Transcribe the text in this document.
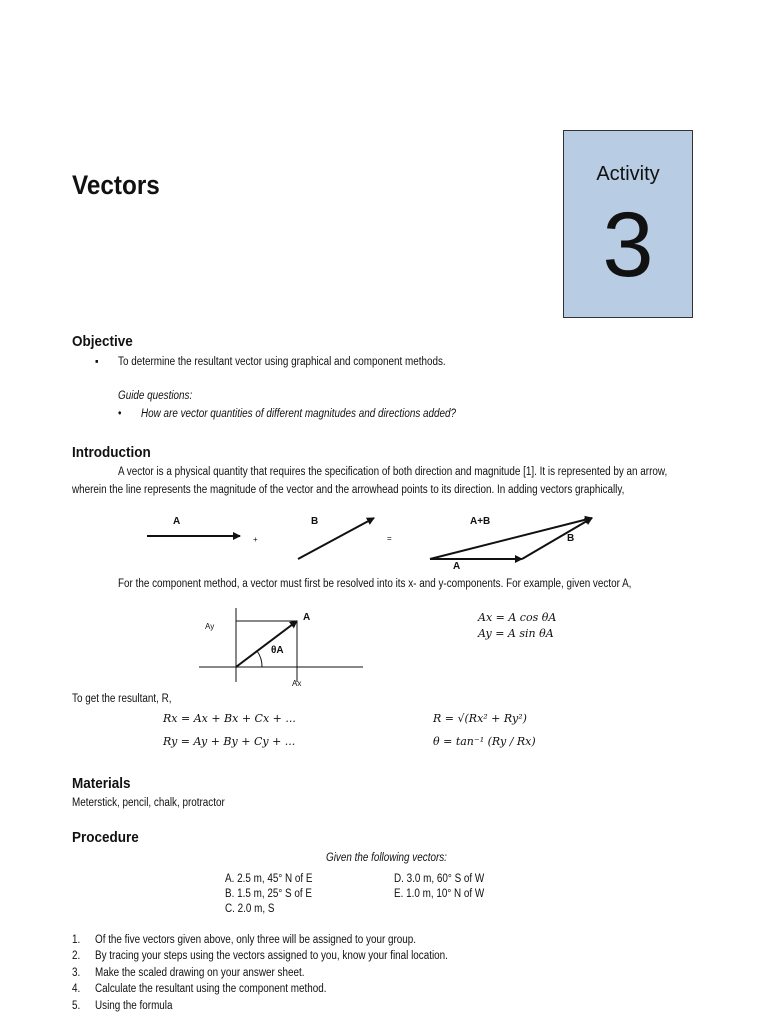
Vectors	Activity
3
Objective
▪ To determine the resultant vector using graphical and component methods.
Guide questions:
• How are vector quantities of different magnitudes and directions added?
Introduction
A vector is a physical quantity that requires the specification of both direction and magnitude [1]. It is represented by an arrow,
wherein the line represents the magnitude of the vector and the arrowhead points to its direction. In adding vectors graphically,
A
+
B
=
A+B
B
A
For the component method, a vector must first be resolved into its x- and y-components. For example, given vector A,
Ay
A
θA
Ax
Ax = A cos θA
Ay = A sin θA
To get the resultant, R,
Rx = Ax + Bx + Cx + ...
Ry = Ay + By + Cy + ...
R = √(Rx² + Ry²)
θ = tan⁻¹ (Ry / Rx)
Materials
Meterstick, pencil, chalk, protractor
Procedure
Given the following vectors:
A. 2.5 m, 45° N of E
B. 1.5 m, 25° S of E
C. 2.0 m, S
D. 3.0 m, 60° S of W
E. 1.0 m, 10° N of W
1. Of the five vectors given above, only three will be assigned to your group.
2. By tracing your steps using the vectors assigned to you, know your final location.
3. Make the scaled drawing on your answer sheet.
4. Calculate the resultant using the component method.
5. Using the formula
